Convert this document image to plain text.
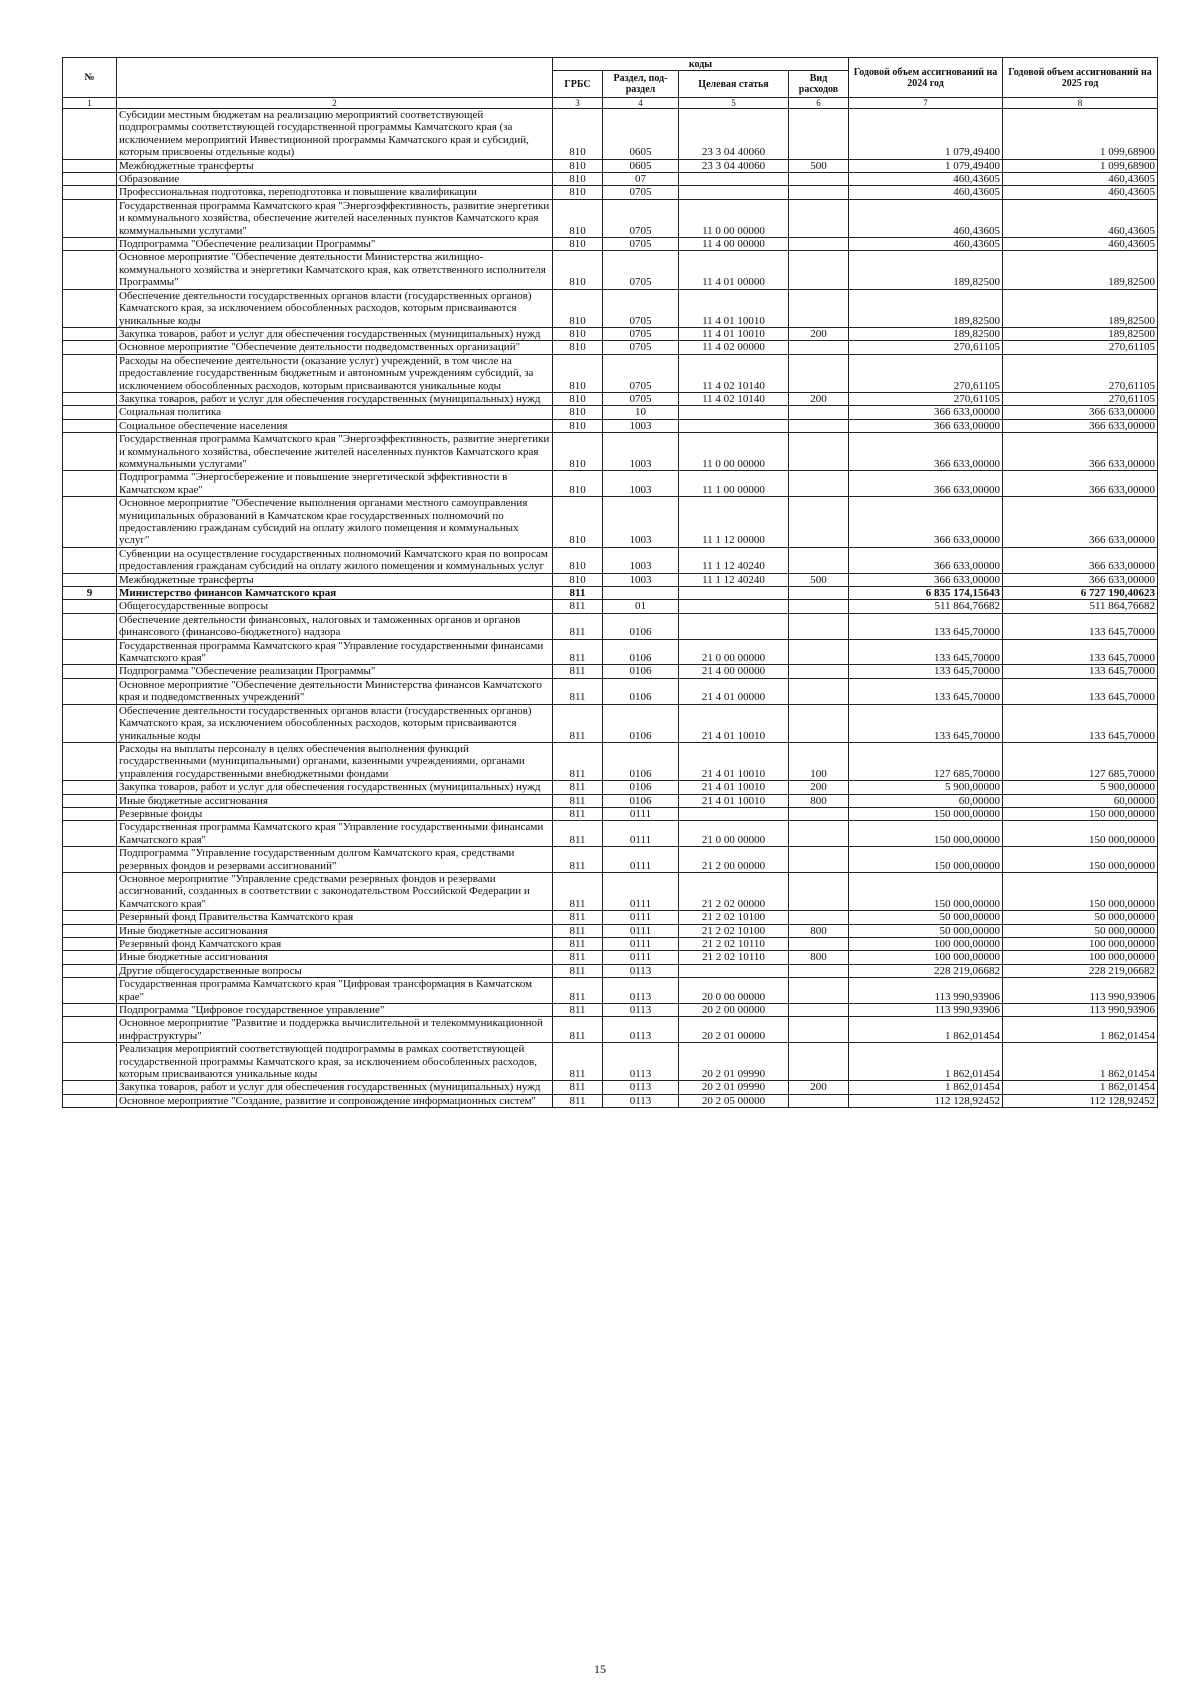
№		коды				Годовой объем ассигнований на 2024 год	Годовой объем ассигнований на 2025 год
		ГРБС	Раздел, под-раздел	Целевая статья	Вид расходов		
1	2	3	4	5	6	7	8
	Субсидии местным бюджетам на реализацию мероприятий соответствующей подпрограммы соответствующей государственной программы Камчатского края (за исключением мероприятий Инвестиционной программы Камчатского края и субсидий, которым присвоены отдельные коды)	810	0605	23 3 04 40060		1 079,49400	1 099,68900
	Межбюджетные трансферты	810	0605	23 3 04 40060	500	1 079,49400	1 099,68900
	Образование	810	07			460,43605	460,43605
	Профессиональная подготовка, переподготовка и повышение квалификации	810	0705			460,43605	460,43605
	Государственная программа Камчатского края "Энергоэффективность, развитие энергетики и коммунального хозяйства, обеспечение жителей населенных пунктов Камчатского края коммунальными услугами"	810	0705	11 0 00 00000		460,43605	460,43605
	Подпрограмма "Обеспечение реализации Программы"	810	0705	11 4 00 00000		460,43605	460,43605
	Основное мероприятие "Обеспечение деятельности Министерства жилищно-коммунального хозяйства и энергетики Камчатского края, как ответственного исполнителя Программы"	810	0705	11 4 01 00000		189,82500	189,82500
	Обеспечение деятельности государственных органов власти (государственных органов) Камчатского края, за исключением обособленных расходов, которым присваиваются уникальные коды	810	0705	11 4 01 10010		189,82500	189,82500
	Закупка товаров, работ и услуг для обеспечения государственных (муниципальных) нужд	810	0705	11 4 01 10010	200	189,82500	189,82500
	Основное мероприятие "Обеспечение деятельности подведомственных организаций"	810	0705	11 4 02 00000		270,61105	270,61105
	Расходы на обеспечение деятельности (оказание услуг) учреждений, в том числе на предоставление государственным бюджетным и автономным учреждениям субсидий, за исключением обособленных расходов, которым присваиваются уникальные коды	810	0705	11 4 02 10140		270,61105	270,61105
	Закупка товаров, работ и услуг для обеспечения государственных (муниципальных) нужд	810	0705	11 4 02 10140	200	270,61105	270,61105
	Социальная политика	810	10			366 633,00000	366 633,00000
	Социальное обеспечение населения	810	1003			366 633,00000	366 633,00000
	Государственная программа Камчатского края "Энергоэффективность, развитие энергетики и коммунального хозяйства, обеспечение жителей населенных пунктов Камчатского края коммунальными услугами"	810	1003	11 0 00 00000		366 633,00000	366 633,00000
	Подпрограмма "Энергосбережение и повышение энергетической эффективности в Камчатском крае"	810	1003	11 1 00 00000		366 633,00000	366 633,00000
	Основное мероприятие "Обеспечение выполнения органами местного самоуправления муниципальных образований в Камчатском крае государственных полномочий по предоставлению гражданам субсидий на оплату жилого помещения и коммунальных услуг"	810	1003	11 1 12 00000		366 633,00000	366 633,00000
	Субвенции на осуществление государственных полномочий Камчатского края по вопросам предоставления гражданам субсидий на оплату жилого помещения и коммунальных услуг	810	1003	11 1 12 40240		366 633,00000	366 633,00000
	Межбюджетные трансферты	810	1003	11 1 12 40240	500	366 633,00000	366 633,00000
9	Министерство финансов Камчатского края	811				6 835 174,15643	6 727 190,40623
	Общегосударственные вопросы	811	01			511 864,76682	511 864,76682
	Обеспечение деятельности финансовых, налоговых и таможенных органов и органов финансового (финансово-бюджетного) надзора	811	0106			133 645,70000	133 645,70000
	Государственная программа Камчатского края "Управление государственными финансами Камчатского края"	811	0106	21 0 00 00000		133 645,70000	133 645,70000
	Подпрограмма "Обеспечение реализации Программы"	811	0106	21 4 00 00000		133 645,70000	133 645,70000
	Основное мероприятие "Обеспечение деятельности Министерства финансов Камчатского края и подведомственных учреждений"	811	0106	21 4 01 00000		133 645,70000	133 645,70000
	Обеспечение деятельности государственных органов власти (государственных органов) Камчатского края, за исключением обособленных расходов, которым присваиваются уникальные коды	811	0106	21 4 01 10010		133 645,70000	133 645,70000
	Расходы на выплаты персоналу в целях обеспечения выполнения функций государственными (муниципальными) органами, казенными учреждениями, органами управления государственными внебюджетными фондами	811	0106	21 4 01 10010	100	127 685,70000	127 685,70000
	Закупка товаров, работ и услуг для обеспечения государственных (муниципальных) нужд	811	0106	21 4 01 10010	200	5 900,00000	5 900,00000
	Иные бюджетные ассигнования	811	0106	21 4 01 10010	800	60,00000	60,00000
	Резервные фонды	811	0111			150 000,00000	150 000,00000
	Государственная программа Камчатского края "Управление государственными финансами Камчатского края"	811	0111	21 0 00 00000		150 000,00000	150 000,00000
	Подпрограмма "Управление государственным долгом Камчатского края, средствами резервных фондов и резервами ассигнований"	811	0111	21 2 00 00000		150 000,00000	150 000,00000
	Основное мероприятие "Управление средствами резервных фондов и резервами ассигнований, созданных в соответствии с законодательством Российской Федерации и Камчатского края"	811	0111	21 2 02 00000		150 000,00000	150 000,00000
	Резервный фонд Правительства Камчатского края	811	0111	21 2 02 10100		50 000,00000	50 000,00000
	Иные бюджетные ассигнования	811	0111	21 2 02 10100	800	50 000,00000	50 000,00000
	Резервный фонд Камчатского края	811	0111	21 2 02 10110		100 000,00000	100 000,00000
	Иные бюджетные ассигнования	811	0111	21 2 02 10110	800	100 000,00000	100 000,00000
	Другие общегосударственные вопросы	811	0113			228 219,06682	228 219,06682
	Государственная программа Камчатского края "Цифровая трансформация в Камчатском крае"	811	0113	20 0 00 00000		113 990,93906	113 990,93906
	Подпрограмма "Цифровое государственное управление"	811	0113	20 2 00 00000		113 990,93906	113 990,93906
	Основное мероприятие "Развитие и поддержка вычислительной и телекоммуникационной инфраструктуры"	811	0113	20 2 01 00000		1 862,01454	1 862,01454
	Реализация мероприятий соответствующей подпрограммы в рамках соответствующей государственной программы Камчатского края, за исключением обособленных расходов, которым присваиваются уникальные коды	811	0113	20 2 01 09990		1 862,01454	1 862,01454
	Закупка товаров, работ и услуг для обеспечения государственных (муниципальных) нужд	811	0113	20 2 01 09990	200	1 862,01454	1 862,01454
	Основное мероприятие "Создание, развитие и сопровождение информационных систем"	811	0113	20 2 05 00000		112 128,92452	112 128,92452
15
